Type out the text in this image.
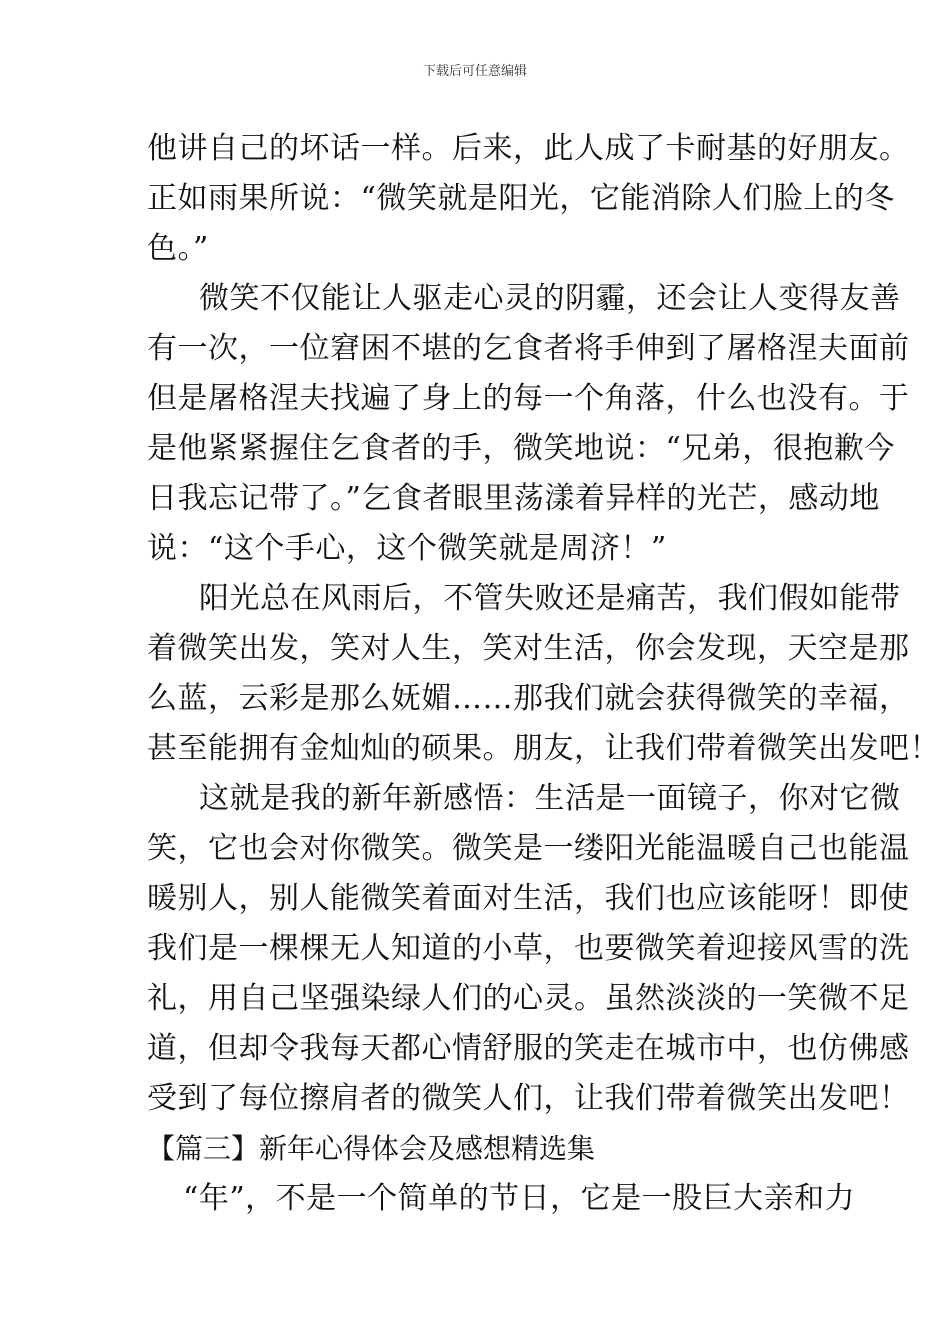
下载后可任意编辑
他讲自己的坏话一样。后来，此人成了卡耐基的好朋友。
正如雨果所说：“微笑就是阳光，它能消除人们脸上的冬
色。”
微笑不仅能让人驱走心灵的阴霾，还会让人变得友善
有一次，一位窘困不堪的乞食者将手伸到了屠格涅夫面前
但是屠格涅夫找遍了身上的每一个角落，什么也没有。于
是他紧紧握住乞食者的手，微笑地说：“兄弟，很抱歉今
日我忘记带了。”乞食者眼里荡漾着异样的光芒，感动地
说：“这个手心，这个微笑就是周济！”
阳光总在风雨后，不管失败还是痛苦，我们假如能带
着微笑出发，笑对人生，笑对生活，你会发现，天空是那
么蓝，云彩是那么妩媚……那我们就会获得微笑的幸福，
甚至能拥有金灿灿的硕果。朋友，让我们带着微笑出发吧！
这就是我的新年新感悟：生活是一面镜子，你对它微
笑，它也会对你微笑。微笑是一缕阳光能温暖自己也能温
暖别人，别人能微笑着面对生活，我们也应该能呀！即使
我们是一棵棵无人知道的小草，也要微笑着迎接风雪的洗
礼，用自己坚强染绿人们的心灵。虽然淡淡的一笑微不足
道，但却令我每天都心情舒服的笑走在城市中，也仿佛感
受到了每位擦肩者的微笑人们，让我们带着微笑出发吧！
【篇三】新年心得体会及感想精选集
“年”，不是一个简单的节日，它是一股巨大亲和力
